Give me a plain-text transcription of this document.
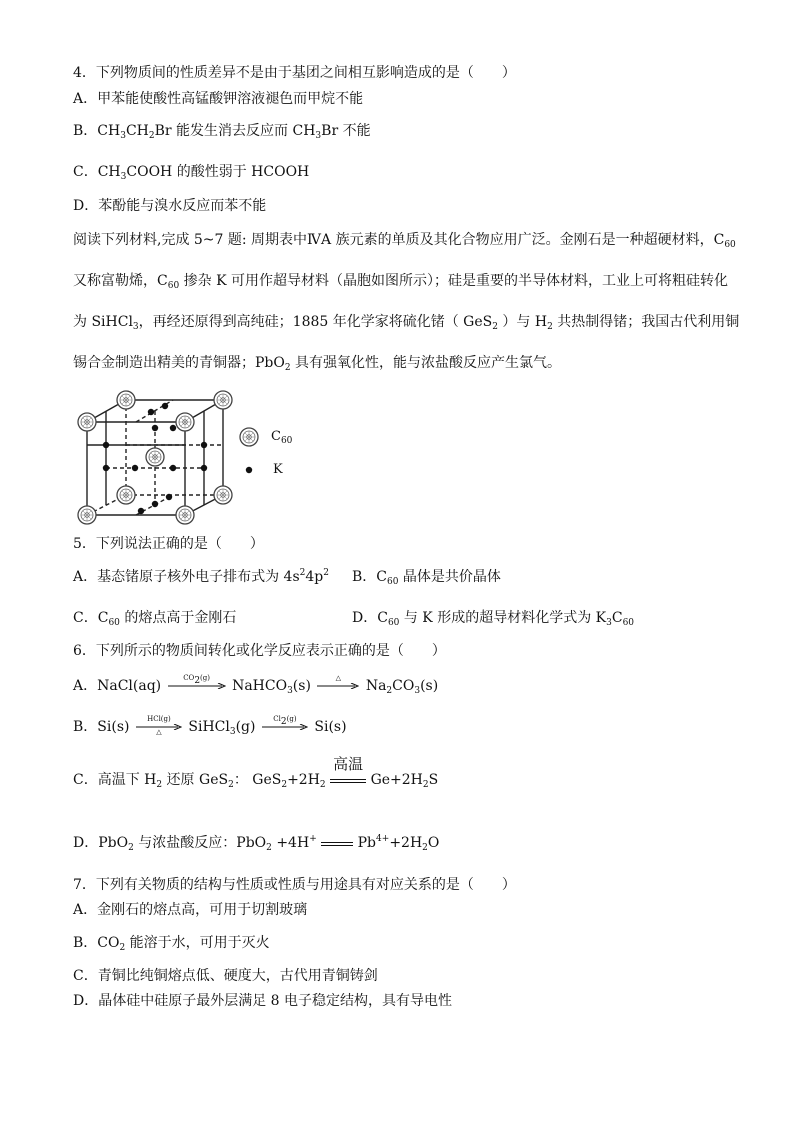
4．下列物质间的性质差异不是由于基团之间相互影响造成的是（　　）
A．甲苯能使酸性高锰酸钾溶液褪色而甲烷不能
B．$CH_3CH_2Br$ 能发生消去反应而 $CH_3Br$ 不能
C．$CH_3COOH$ 的酸性弱于 HCOOH
D．苯酚能与溴水反应而苯不能
阅读下列材料,完成 5~7 题: 周期表中ⅣA 族元素的单质及其化合物应用广泛。金刚石是一种超硬材料，$C_{60}$
又称富勒烯，$C_{60}$ 掺杂 K 可用作超导材料（晶胞如图所示）；硅是重要的半导体材料，工业上可将粗硅转化
为 SiHCl$_3$，再经还原得到高纯硅；1885 年化学家将硫化锗（ GeS$_2$ ）与 $H_2$ 共热制得锗；我国古代利用铜
锡合金制造出精美的青铜器；PbO$_2$ 具有强氧化性，能与浓盐酸反应产生氯气。
$C_{60}$
K
5．下列说法正确的是（　　）
A．基态锗原子核外电子排布式为 $4s^24p^2$ B．$C_{60}$ 晶体是共价晶体
C．$C_{60}$ 的熔点高于金刚石	D．$C_{60}$ 与 K 形成的超导材料化学式为 $K_3C_{60}$
6．下列所示的物质间转化或化学反应表示正确的是（　　）
A．NaCl(aq)	$CO_2(g)$	NaHCO$_3$(s)	△	$Na_2CO_3(s)$
B．Si(s)	HCl(g)
△	SiHCl$_3$(g)	$Cl_2(g)$	Si(s)
C．高温下 $H_2$ 还原 GeS$_2$： $GeS_2+2H_2$
高温
$Ge+2H_2S$
D．PbO$_2$ 与浓盐酸反应：PbO$_2$ +4H+	$Pb^{4+}+2H_2O$
7．下列有关物质的结构与性质或性质与用途具有对应关系的是（　　）
A．金刚石的熔点高，可用于切割玻璃
B．$CO_2$ 能溶于水，可用于灭火
C．青铜比纯铜熔点低、硬度大，古代用青铜铸剑
D．晶体硅中硅原子最外层满足 8 电子稳定结构，具有导电性
